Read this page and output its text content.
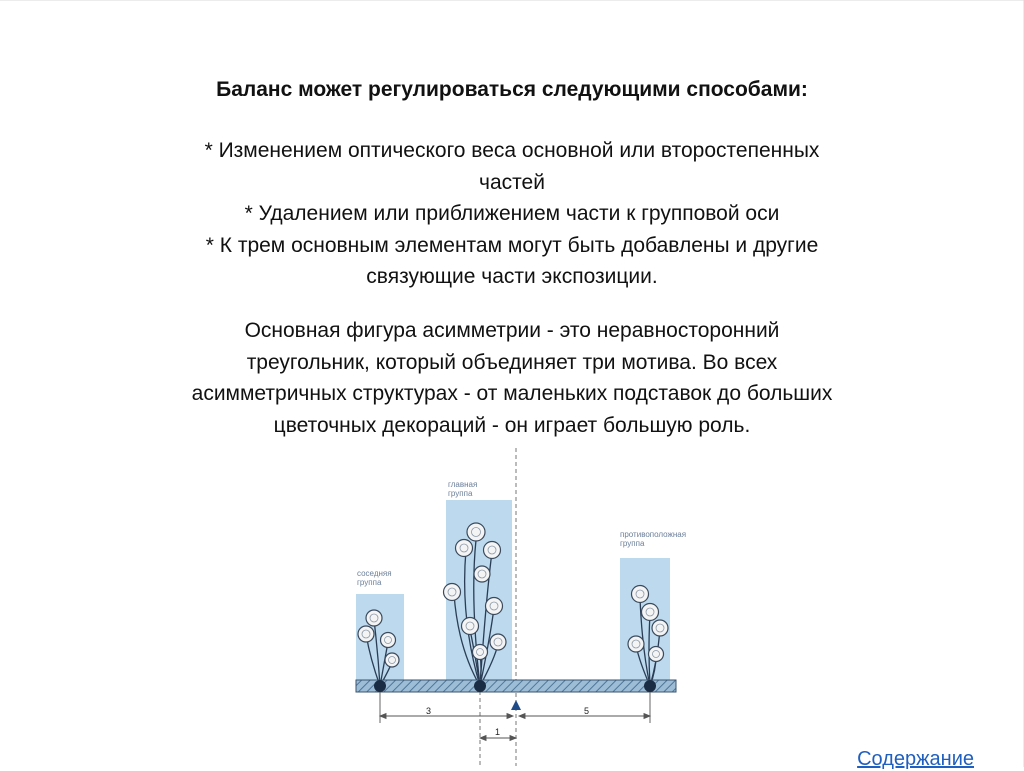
Баланс может регулироваться следующими способами:
* Изменением оптического веса основной или второстепенных
частей
* Удалением или приближением части к групповой оси
* К трем основным элементам могут быть добавлены и другие
связующие части экспозиции.
Основная фигура асимметрии - это неравносторонний
треугольник, который объединяет три мотива. Во всех
асимметричных структурах - от маленьких подставок до больших
цветочных декораций - он играет большую роль.
главная
группа
соседняя
группа
противоположная
группа
3	5
1
Содержание
